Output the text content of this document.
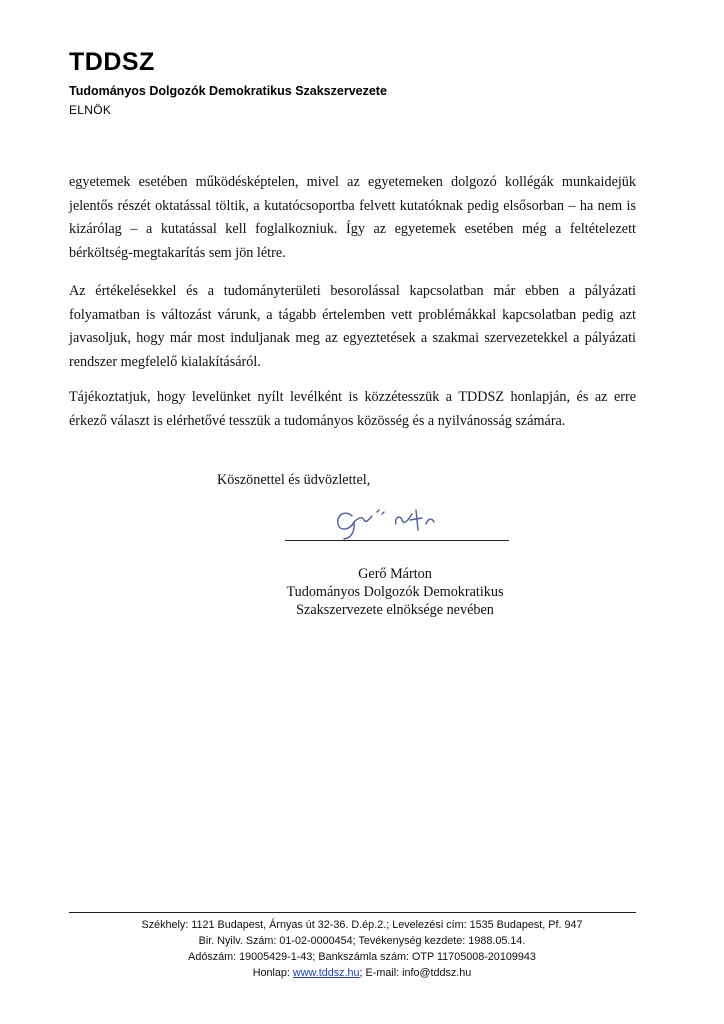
TDDSZ
Tudományos Dolgozók Demokratikus Szakszervezete
ELNÖK

egyetemek esetében működésképtelen, mivel az egyetemeken dolgozó kollégák munkaidejük jelentős részét oktatással töltik, a kutatócsoportba felvett kutatóknak pedig elsősorban – ha nem is kizárólag – a kutatással kell foglalkozniuk. Így az egyetemek esetében még a feltételezett bérköltség-megtakarítás sem jön létre.

Az értékelésekkel és a tudományterületi besorolással kapcsolatban már ebben a pályázati folyamatban is változást várunk, a tágabb értelemben vett problémákkal kapcsolatban pedig azt javasoljuk, hogy már most induljanak meg az egyeztetések a szakmai szervezetekkel a pályázati rendszer megfelelő kialakításáról.

Tájékoztatjuk, hogy levelünket nyílt levélként is közzétesszük a TDDSZ honlapján, és az erre érkező választ is elérhetővé tesszük a tudományos közösség és a nyilvánosság számára.

Köszönettel és üdvözlettel,
Gerő Márton
Tudományos Dolgozók Demokratikus
Szakszervezete elnöksége nevében
Székhely: 1121 Budapest, Árnyas út 32-36. D.ép.2.; Levelezési cím: 1535 Budapest, Pf. 947
Bir. Nyilv. Szám: 01-02-0000454; Tevékenység kezdete: 1988.05.14.
Adószám: 19005429-1-43; Bankszámla szám: OTP 11705008-20109943
Honlap: www.tddsz.hu; E-mail: info@tddsz.hu
